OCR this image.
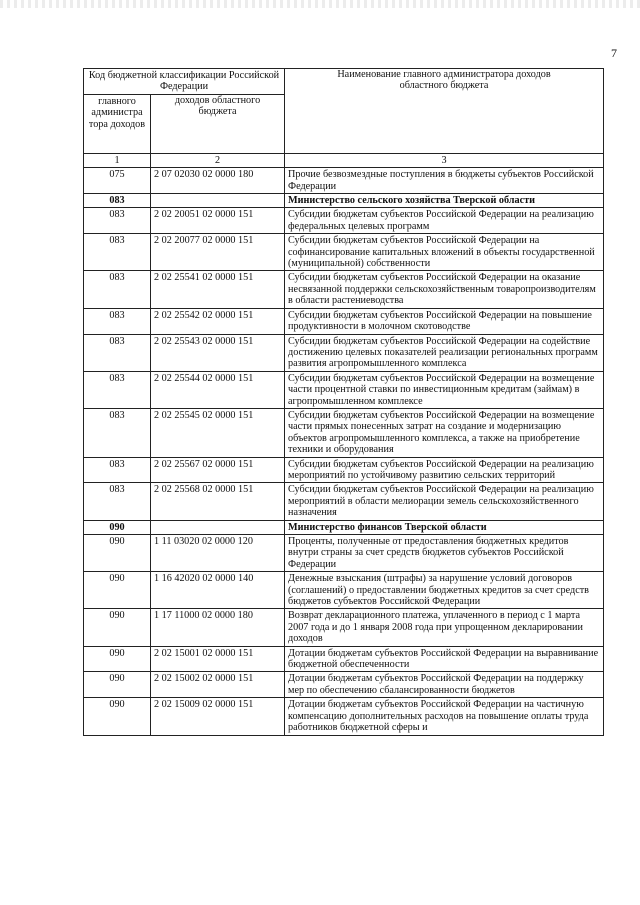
7
Код бюджетной классификации Российской Федерации		Наименование главного администратора доходов областного бюджета
главного администра тора доходов	доходов областного бюджета	
1	2	3
075	2 07 02030 02 0000 180	Прочие безвозмездные поступления в бюджеты субъектов Российской Федерации
083		Министерство сельского хозяйства Тверской области
083	2 02 20051 02 0000 151	Субсидии бюджетам субъектов Российской Федерации на реализацию федеральных целевых программ
083	2 02 20077 02 0000 151	Субсидии бюджетам субъектов Российской Федерации на софинансирование капитальных вложений в объекты государственной (муниципальной) собственности
083	2 02 25541 02 0000 151	Субсидии бюджетам субъектов Российской Федерации на оказание несвязанной поддержки сельскохозяйственным товаропроизводителям в области растениеводства
083	2 02 25542 02 0000 151	Субсидии бюджетам субъектов Российской Федерации на повышение продуктивности в молочном скотоводстве
083	2 02 25543 02 0000 151	Субсидии бюджетам субъектов Российской Федерации на содействие достижению целевых показателей реализации региональных программ развития агропромышленного комплекса
083	2 02 25544 02 0000 151	Субсидии бюджетам субъектов Российской Федерации на возмещение части процентной ставки по инвестиционным кредитам (займам) в агропромышленном комплексе
083	2 02 25545 02 0000 151	Субсидии бюджетам субъектов Российской Федерации на возмещение части прямых понесенных затрат на создание и модернизацию объектов агропромышленного комплекса, а также на приобретение техники и оборудования
083	2 02 25567 02 0000 151	Субсидии бюджетам субъектов Российской Федерации на реализацию мероприятий по устойчивому развитию сельских территорий
083	2 02 25568 02 0000 151	Субсидии бюджетам субъектов Российской Федерации на реализацию мероприятий в области мелиорации земель сельскохозяйственного назначения
090		Министерство финансов Тверской области
090	1 11 03020 02 0000 120	Проценты, полученные от предоставления бюджетных кредитов внутри страны за счет средств бюджетов субъектов Российской Федерации
090	1 16 42020 02 0000 140	Денежные взыскания (штрафы) за нарушение условий договоров (соглашений) о предоставлении бюджетных кредитов за счет средств бюджетов субъектов Российской Федерации
090	1 17 11000 02 0000 180	Возврат декларационного платежа, уплаченного в период с 1 марта 2007 года и до 1 января 2008 года при упрощенном декларировании доходов
090	2 02 15001 02 0000 151	Дотации бюджетам субъектов Российской Федерации на выравнивание бюджетной обеспеченности
090	2 02 15002 02 0000 151	Дотации бюджетам субъектов Российской Федерации на поддержку мер по обеспечению сбалансированности бюджетов
090	2 02 15009 02 0000 151	Дотации бюджетам субъектов Российской Федерации на частичную компенсацию дополнительных расходов на повышение оплаты труда работников бюджетной сферы и
